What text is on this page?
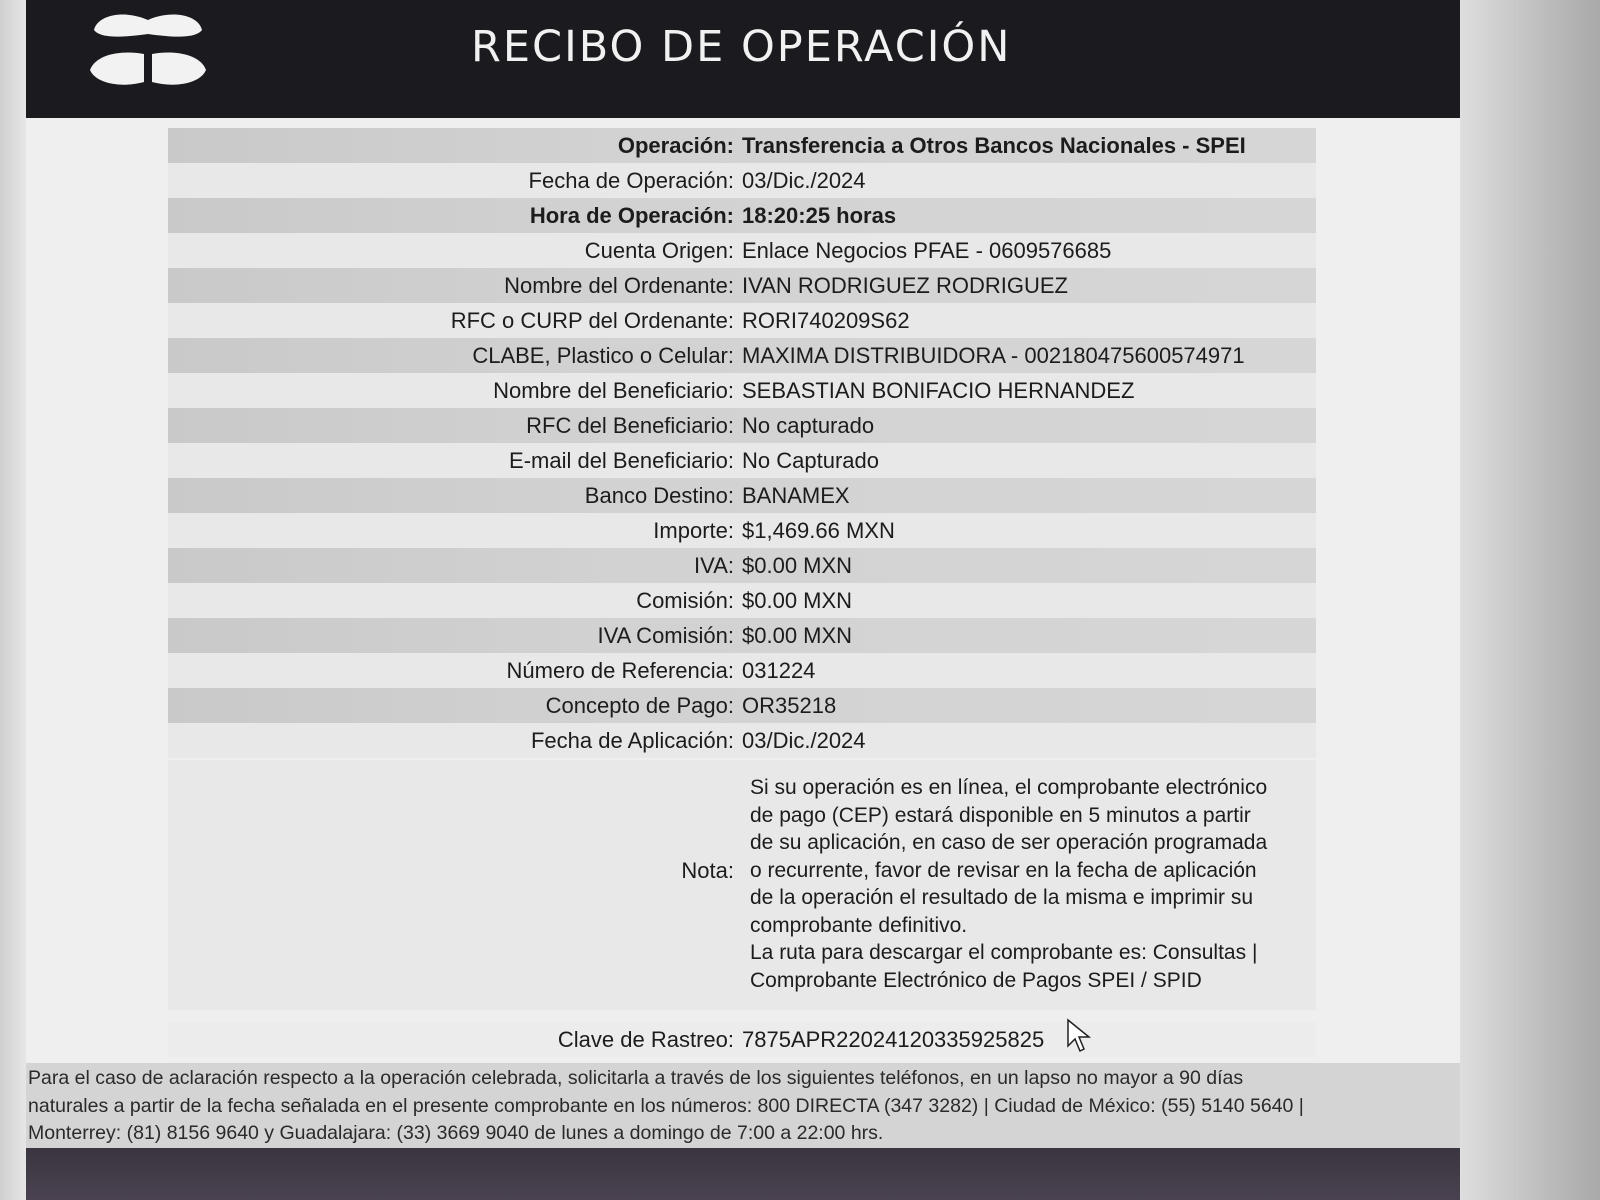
RECIBO DE OPERACIÓN
Operación: Transferencia a Otros Bancos Nacionales - SPEI
Fecha de Operación: 03/Dic./2024
Hora de Operación: 18:20:25 horas
Cuenta Origen: Enlace Negocios PFAE - 0609576685
Nombre del Ordenante: IVAN RODRIGUEZ RODRIGUEZ
RFC o CURP del Ordenante: RORI740209S62
CLABE, Plastico o Celular: MAXIMA DISTRIBUIDORA - 002180475600574971
Nombre del Beneficiario: SEBASTIAN BONIFACIO HERNANDEZ
RFC del Beneficiario: No capturado
E-mail del Beneficiario: No Capturado
Banco Destino: BANAMEX
Importe: $1,469.66 MXN
IVA: $0.00 MXN
Comisión: $0.00 MXN
IVA Comisión: $0.00 MXN
Número de Referencia: 031224
Concepto de Pago: OR35218
Fecha de Aplicación: 03/Dic./2024
Nota:
Si su operación es en línea, el comprobante electrónico
de pago (CEP) estará disponible en 5 minutos a partir
de su aplicación, en caso de ser operación programada
o recurrente, favor de revisar en la fecha de aplicación
de la operación el resultado de la misma e imprimir su
comprobante definitivo.
La ruta para descargar el comprobante es: Consultas |
Comprobante Electrónico de Pagos SPEI / SPID
Clave de Rastreo: 7875APR22024120335925825
Para el caso de aclaración respecto a la operación celebrada, solicitarla a través de los siguientes teléfonos, en un lapso no mayor a 90 días
naturales a partir de la fecha señalada en el presente comprobante en los números: 800 DIRECTA (347 3282) | Ciudad de México: (55) 5140 5640 |
Monterrey: (81) 8156 9640 y Guadalajara: (33) 3669 9040 de lunes a domingo de 7:00 a 22:00 hrs.
